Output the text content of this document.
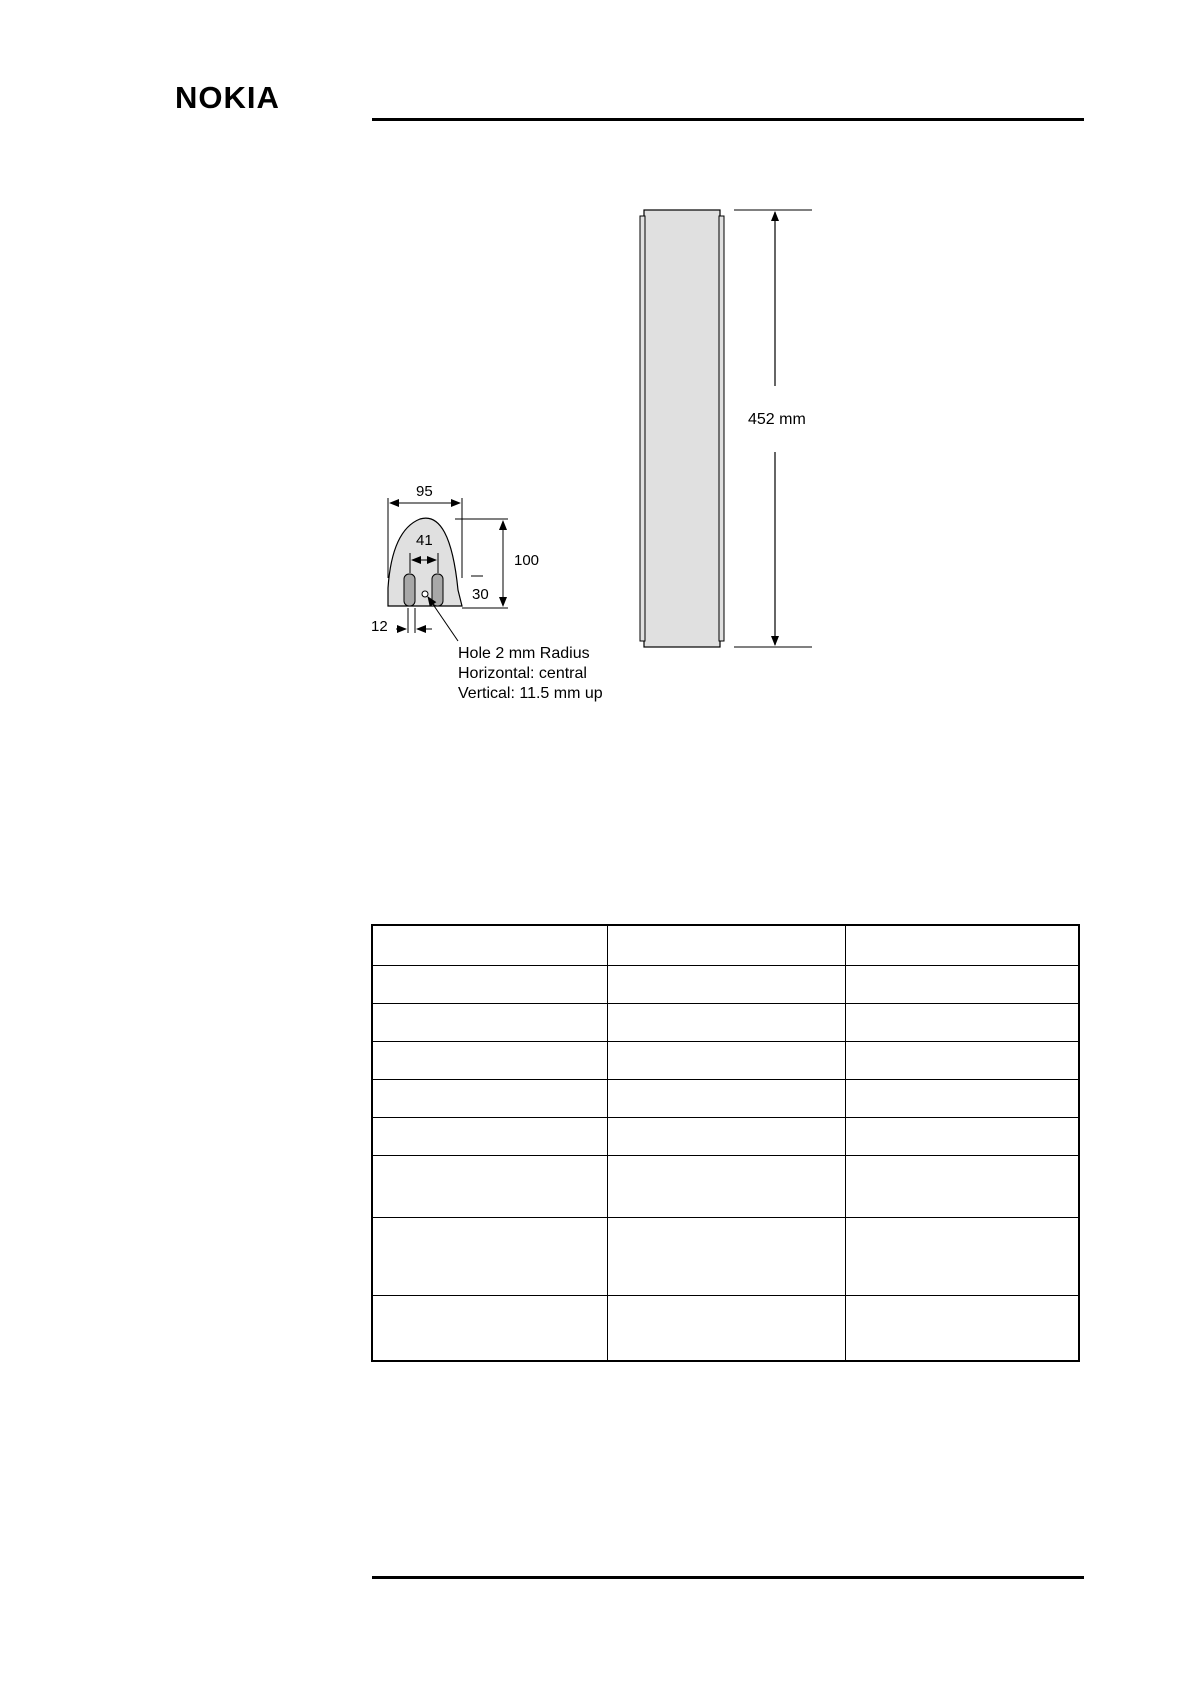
NOKIA
95
41
100
30
12
Hole 2 mm Radius
Horizontal: central
Vertical: 11.5 mm up
452 mm
